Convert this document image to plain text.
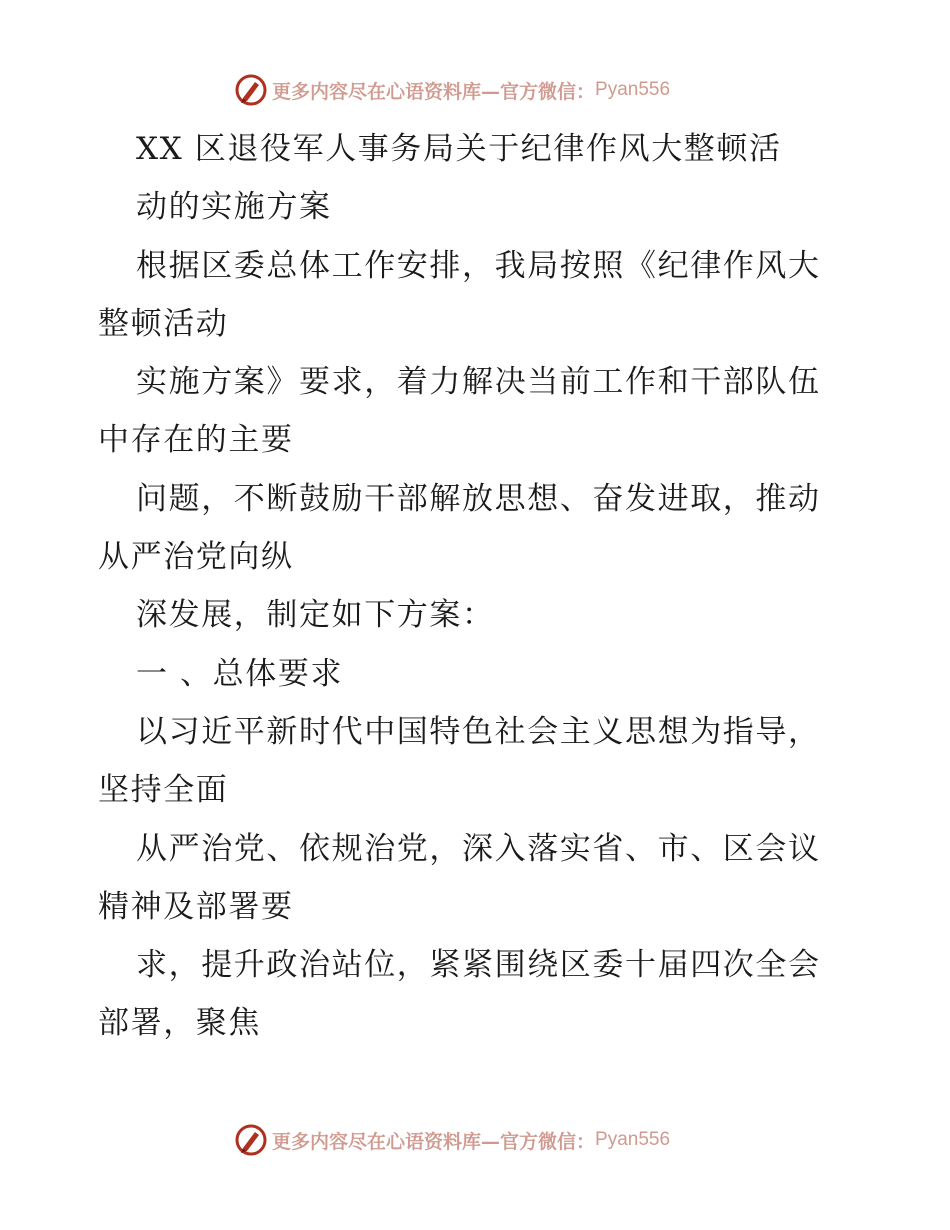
更多内容尽在心语资料库—官方微信： Pyan556
XX 区退役军人事务局关于纪律作风大整顿活
动的实施方案
根据区委总体工作安排，我局按照《纪律作风大
整顿活动
实施方案》要求，着力解决当前工作和干部队伍
中存在的主要
问题，不断鼓励干部解放思想、奋发进取，推动
从严治党向纵
深发展，制定如下方案：
一 、总体要求
以习近平新时代中国特色社会主义思想为指导，
坚持全面
从严治党、依规治党，深入落实省、市、区会议
精神及部署要
求，提升政治站位，紧紧围绕区委十届四次全会
部署，聚焦
更多内容尽在心语资料库—官方微信： Pyan556
